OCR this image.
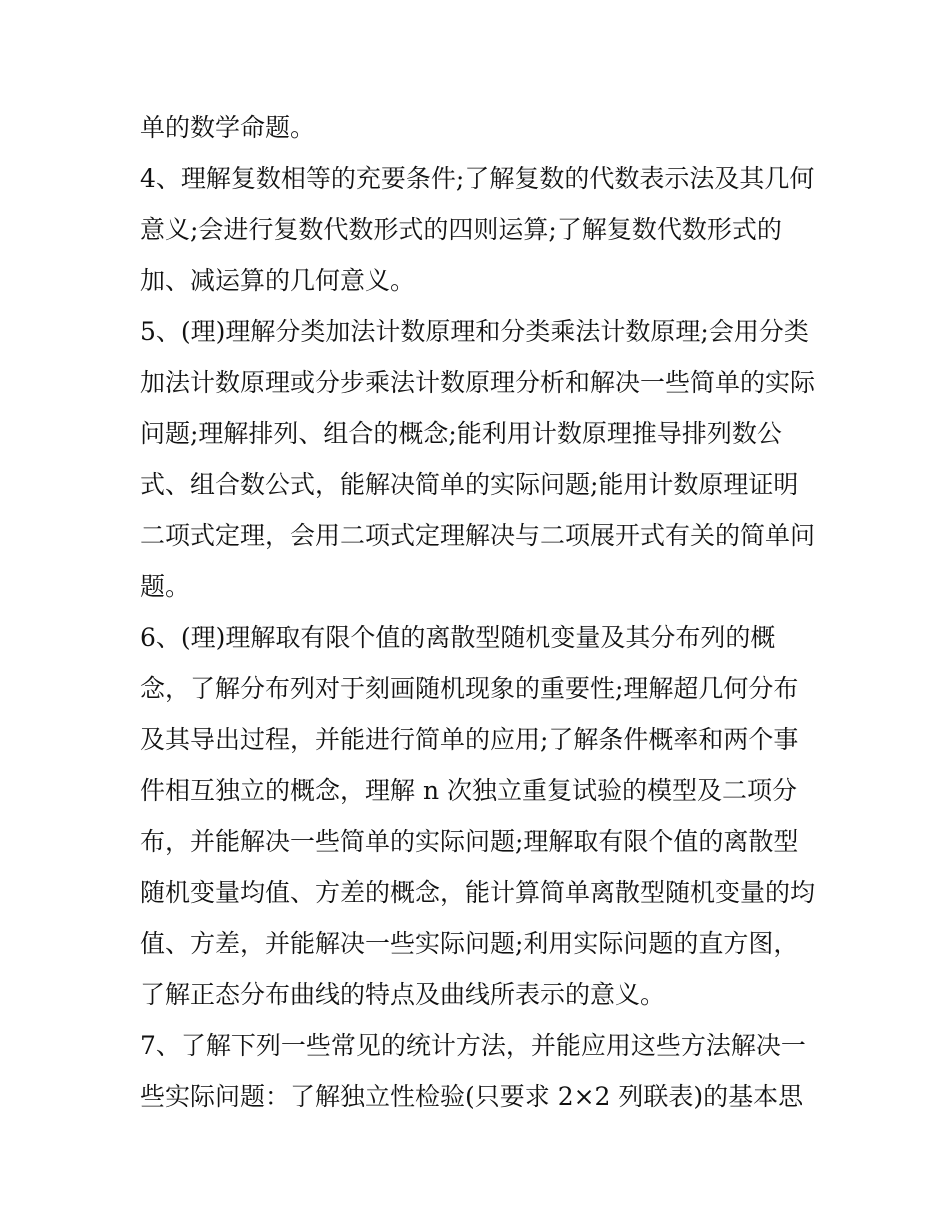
单的数学命题。
4、理解复数相等的充要条件;了解复数的代数表示法及其几何
意义;会进行复数代数形式的四则运算;了解复数代数形式的
加、减运算的几何意义。
5、(理)理解分类加法计数原理和分类乘法计数原理;会用分类
加法计数原理或分步乘法计数原理分析和解决一些简单的实际
问题;理解排列、组合的概念;能利用计数原理推导排列数公
式、组合数公式，能解决简单的实际问题;能用计数原理证明
二项式定理，会用二项式定理解决与二项展开式有关的简单问
题。
6、(理)理解取有限个值的离散型随机变量及其分布列的概
念，了解分布列对于刻画随机现象的重要性;理解超几何分布
及其导出过程，并能进行简单的应用;了解条件概率和两个事
件相互独立的概念，理解 n 次独立重复试验的模型及二项分
布，并能解决一些简单的实际问题;理解取有限个值的离散型
随机变量均值、方差的概念，能计算简单离散型随机变量的均
值、方差，并能解决一些实际问题;利用实际问题的直方图，
了解正态分布曲线的特点及曲线所表示的意义。
7、了解下列一些常见的统计方法，并能应用这些方法解决一
些实际问题：了解独立性检验(只要求 2×2 列联表)的基本思
